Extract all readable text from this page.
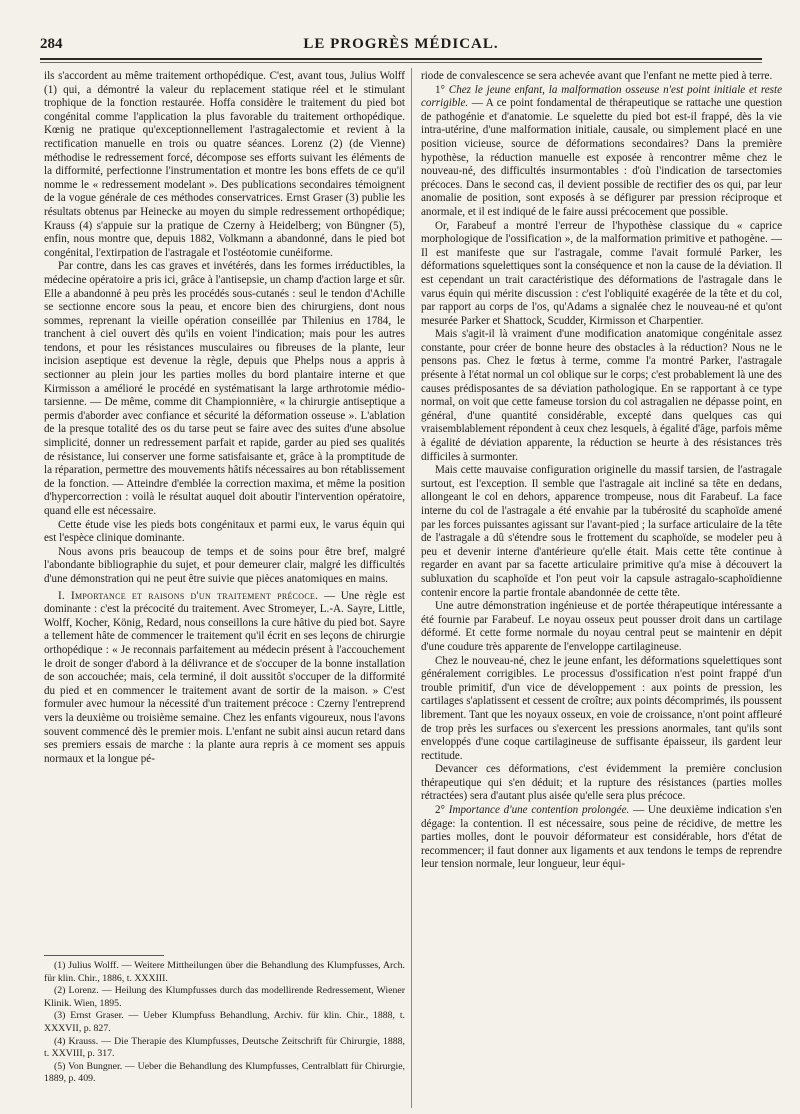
284	LE PROGRÈS MÉDICAL.

ils s'accordent au même traitement orthopédique. C'est, avant tous, Julius Wolff (1) qui, a démontré la valeur du replacement statique réel et le stimulant trophique de la fonction restaurée. Hoffa considère le traitement du pied bot congénital comme l'application la plus favorable du traitement orthopédique. Kœnig ne pratique qu'exceptionnellement l'astragalectomie et revient à la rectification manuelle en trois ou quatre séances. Lorenz (2) (de Vienne) méthodise le redressement forcé, décompose ses efforts suivant les éléments de la difformité, perfectionne l'instrumentation et montre les bons effets de ce qu'il nomme le « redressement modelant ». Des publications secondaires témoignent de la vogue générale de ces méthodes conservatrices. Ernst Graser (3) publie les résultats obtenus par Heinecke au moyen du simple redressement orthopédique; Krauss (4) s'appuie sur la pratique de Czerny à Heidelberg; von Büngner (5), enfin, nous montre que, depuis 1882, Volkmann a abandonné, dans le pied bot congénital, l'extirpation de l'astragale et l'ostéotomie cunéiforme.

Par contre, dans les cas graves et invétérés, dans les formes irréductibles, la médecine opératoire a pris ici, grâce à l'antisepsie, un champ d'action large et sûr. Elle a abandonné à peu près les procédés sous-cutanés : seul le tendon d'Achille se sectionne encore sous la peau, et encore bien des chirurgiens, dont nous sommes, reprenant la vieille opération conseillée par Thilenius en 1784, le tranchent à ciel ouvert dès qu'ils en voient l'indication; mais pour les autres tendons, et pour les résistances musculaires ou fibreuses de la plante, leur incision aseptique est devenue la règle, depuis que Phelps nous a appris à sectionner au plein jour les parties molles du bord plantaire interne et que Kirmisson a amélioré le procédé en systématisant la large arthrotomie médio-tarsienne. — De même, comme dit Championnière, « la chirurgie antiseptique a permis d'aborder avec confiance et sécurité la déformation osseuse ». L'ablation de la presque totalité des os du tarse peut se faire avec des suites d'une absolue simplicité, donner un redressement parfait et rapide, garder au pied ses qualités de résistance, lui conserver une forme satisfaisante et, grâce à la promptitude de la réparation, permettre des mouvements hâtifs nécessaires au bon rétablissement de la fonction. — Atteindre d'emblée la correction maxima, et même la position d'hypercorrection : voilà le résultat auquel doit aboutir l'intervention opératoire, quand elle est nécessaire.

Cette étude vise les pieds bots congénitaux et parmi eux, le varus équin qui est l'espèce clinique dominante.

Nous avons pris beaucoup de temps et de soins pour être bref, malgré l'abondante bibliographie du sujet, et pour demeurer clair, malgré les difficultés d'une démonstration qui ne peut être suivie que pièces anatomiques en mains.

I. Importance et raisons d'un traitement précoce. — Une règle est dominante : c'est la précocité du traitement. Avec Stromeyer, L.-A. Sayre, Little, Wolff, Kocher, König, Redard, nous conseillons la cure hâtive du pied bot. Sayre a tellement hâte de commencer le traitement qu'il écrit en ses leçons de chirurgie orthopédique : « Je reconnais parfaitement au médecin présent à l'accouchement le droit de songer d'abord à la délivrance et de s'occuper de la bonne installation de son accouchée; mais, cela terminé, il doit aussitôt s'occuper de la difformité du pied et en commencer le traitement avant de sortir de la maison. » C'est formuler avec humour la nécessité d'un traitement précoce : Czerny l'entreprend vers la deuxième ou troisième semaine. Chez les enfants vigoureux, nous l'avons souvent commencé dès le premier mois. L'enfant ne subit ainsi aucun retard dans ses premiers essais de marche : la plante aura repris à ce moment ses appuis normaux et la longue pé-

(1) Julius Wolff. — Weitere Mittheilungen über die Behandlung des Klumpfusses, Arch. für klin. Chir., 1886, t. XXXIII.
(2) Lorenz. — Heilung des Klumpfusses durch das modellirende Redressement, Wiener Klinik. Wien, 1895.
(3) Ernst Graser. — Ueber Klumpfuss Behandlung, Archiv. für klin. Chir., 1888, t. XXXVII, p. 827.
(4) Krauss. — Die Therapie des Klumpfusses, Deutsche Zeitschrift für Chirurgie, 1888, t. XXVIII, p. 317.
(5) Von Bungner. — Ueber die Behandlung des Klumpfusses, Centralblatt für Chirurgie, 1889, p. 409.

riode de convalescence se sera achevée avant que l'enfant ne mette pied à terre.

1° Chez le jeune enfant, la malformation osseuse n'est point initiale et reste corrigible. — A ce point fondamental de thérapeutique se rattache une question de pathogénie et d'anatomie. Le squelette du pied bot est-il frappé, dès la vie intra-utérine, d'une malformation initiale, causale, ou simplement placé en une position vicieuse, source de déformations secondaires? Dans la première hypothèse, la réduction manuelle est exposée à rencontrer même chez le nouveau-né, des difficultés insurmontables : d'où l'indication de tarsectomies précoces. Dans le second cas, il devient possible de rectifier des os qui, par leur anomalie de position, sont exposés à se défigurer par pression réciproque et anormale, et il est indiqué de le faire aussi précocement que possible.

Or, Farabeuf a montré l'erreur de l'hypothèse classique du « caprice morphologique de l'ossification », de la malformation primitive et pathogène. — Il est manifeste que sur l'astragale, comme l'avait formulé Parker, les déformations squelettiques sont la conséquence et non la cause de la déviation. Il est cependant un trait caractéristique des déformations de l'astragale dans le varus équin qui mérite discussion : c'est l'obliquité exagérée de la tête et du col, par rapport au corps de l'os, qu'Adams a signalée chez le nouveau-né et qu'ont mesurée Parker et Shattock, Scudder, Kirmisson et Charpentier.

Mais s'agit-il là vraiment d'une modification anatomique congénitale assez constante, pour créer de bonne heure des obstacles à la réduction? Nous ne le pensons pas. Chez le fœtus à terme, comme l'a montré Parker, l'astragale présente à l'état normal un col oblique sur le corps; c'est probablement là une des causes prédisposantes de sa déviation pathologique. En se rapportant à ce type normal, on voit que cette fameuse torsion du col astragalien ne dépasse point, en général, d'une quantité considérable, excepté dans quelques cas qui vraisemblablement répondent à ceux chez lesquels, à égalité d'âge, parfois même à égalité de déviation apparente, la réduction se heurte à des résistances très difficiles à surmonter.

Mais cette mauvaise configuration originelle du massif tarsien, de l'astragale surtout, est l'exception. Il semble que l'astragale ait incliné sa tête en dedans, allongeant le col en dehors, apparence trompeuse, nous dit Farabeuf. La face interne du col de l'astragale a été envahie par la tubérosité du scaphoïde amené par les forces puissantes agissant sur l'avant-pied ; la surface articulaire de la tête de l'astragale a dû s'étendre sous le frottement du scaphoïde, se modeler peu à peu et devenir interne d'antérieure qu'elle était. Mais cette tête continue à regarder en avant par sa facette articulaire primitive qu'a mise à découvert la subluxation du scaphoïde et l'on peut voir la capsule astragalo-scaphoïdienne contenir encore la partie frontale abandonnée de cette tête.

Une autre démonstration ingénieuse et de portée thérapeutique intéressante a été fournie par Farabeuf. Le noyau osseux peut pousser droit dans un cartilage déformé. Et cette forme normale du noyau central peut se maintenir en dépit d'une coudure très apparente de l'enveloppe cartilagineuse.

Chez le nouveau-né, chez le jeune enfant, les déformations squelettiques sont généralement corrigibles. Le processus d'ossification n'est point frappé d'un trouble primitif, d'un vice de développement : aux points de pression, les cartilages s'aplatissent et cessent de croître; aux points décomprimés, ils poussent librement. Tant que les noyaux osseux, en voie de croissance, n'ont point affleuré de trop près les surfaces ou s'exercent les pressions anormales, tant qu'ils sont enveloppés d'une coque cartilagineuse de suffisante épaisseur, ils gardent leur rectitude.

Devancer ces déformations, c'est évidemment la première conclusion thérapeutique qui s'en déduit; et la rupture des résistances (parties molles rétractées) sera d'autant plus aisée qu'elle sera plus précoce.

2° Importance d'une contention prolongée. — Une deuxième indication s'en dégage: la contention. Il est nécessaire, sous peine de récidive, de mettre les parties molles, dont le pouvoir déformateur est considérable, hors d'état de recommencer; il faut donner aux ligaments et aux tendons le temps de reprendre leur tension normale, leur longueur, leur équi-
